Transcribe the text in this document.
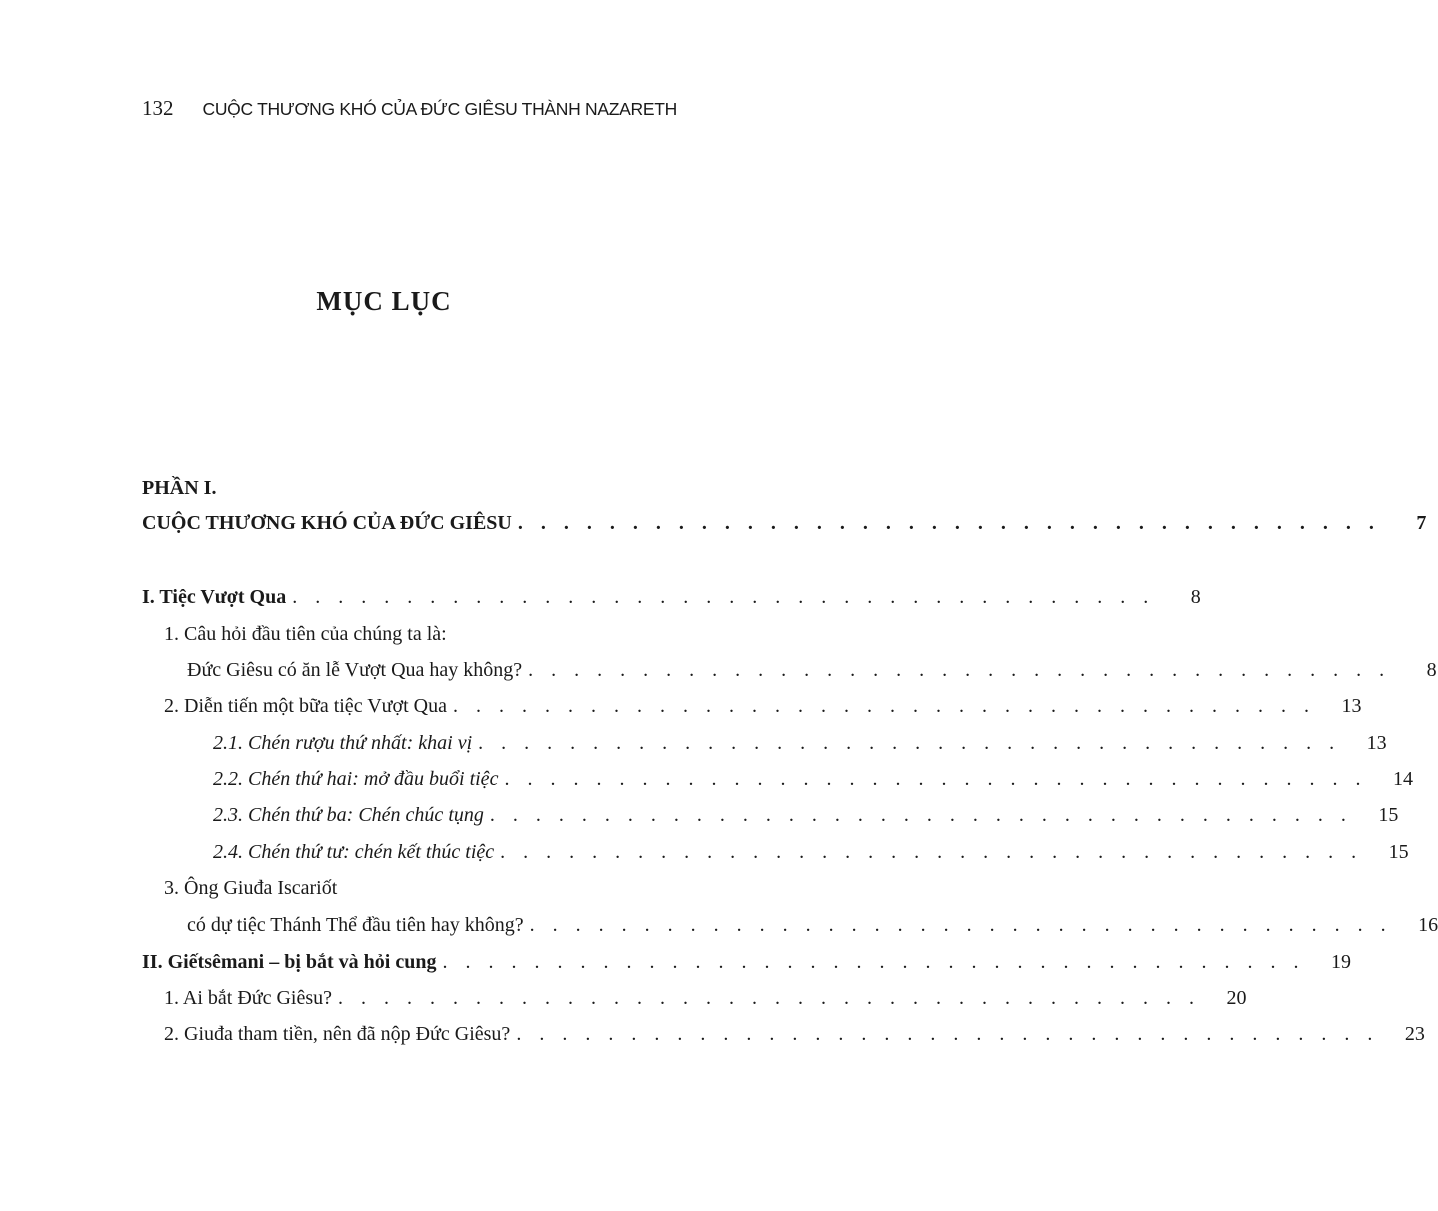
132 CUỘC THƯƠNG KHÓ CỦA ĐỨC GIÊSU THÀNH NAZARETH
MỤC LỤC
PHẦN I.
CUỘC THƯƠNG KHÓ CỦA ĐỨC GIÊSU . . . . . . . . . . . . . . . . . . . . . . . . . . . . . . . . . . . . . .	7
I. Tiệc Vượt Qua . . . . . . . . . . . . . . . . . . . . . . . . . . . . . . . . . . . . . .	8
1. Câu hỏi đầu tiên của chúng ta là:
Đức Giêsu có ăn lễ Vượt Qua hay không? . . . . . . . . . . . . . . . . . . . . . . . . . . . . . . . . . . . . . .	8
2. Diễn tiến một bữa tiệc Vượt Qua . . . . . . . . . . . . . . . . . . . . . . . . . . . . . . . . . . . . . .	13
2.1. Chén rượu thứ nhất: khai vị . . . . . . . . . . . . . . . . . . . . . . . . . . . . . . . . . . . . . .	13
2.2. Chén thứ hai: mở đầu buổi tiệc . . . . . . . . . . . . . . . . . . . . . . . . . . . . . . . . . . . . . .	14
2.3. Chén thứ ba: Chén chúc tụng . . . . . . . . . . . . . . . . . . . . . . . . . . . . . . . . . . . . . .	15
2.4. Chén thứ tư: chén kết thúc tiệc . . . . . . . . . . . . . . . . . . . . . . . . . . . . . . . . . . . . . .	15
3. Ông Giuđa Iscariốt
có dự tiệc Thánh Thể đầu tiên hay không? . . . . . . . . . . . . . . . . . . . . . . . . . . . . . . . . . . . . . .	16
II. Giếtsêmani – bị bắt và hỏi cung . . . . . . . . . . . . . . . . . . . . . . . . . . . . . . . . . . . . . .	19
1. Ai bắt Đức Giêsu? . . . . . . . . . . . . . . . . . . . . . . . . . . . . . . . . . . . . . .	20
2. Giuđa tham tiền, nên đã nộp Đức Giêsu? . . . . . . . . . . . . . . . . . . . . . . . . . . . . . . . . . . . . . .	23
